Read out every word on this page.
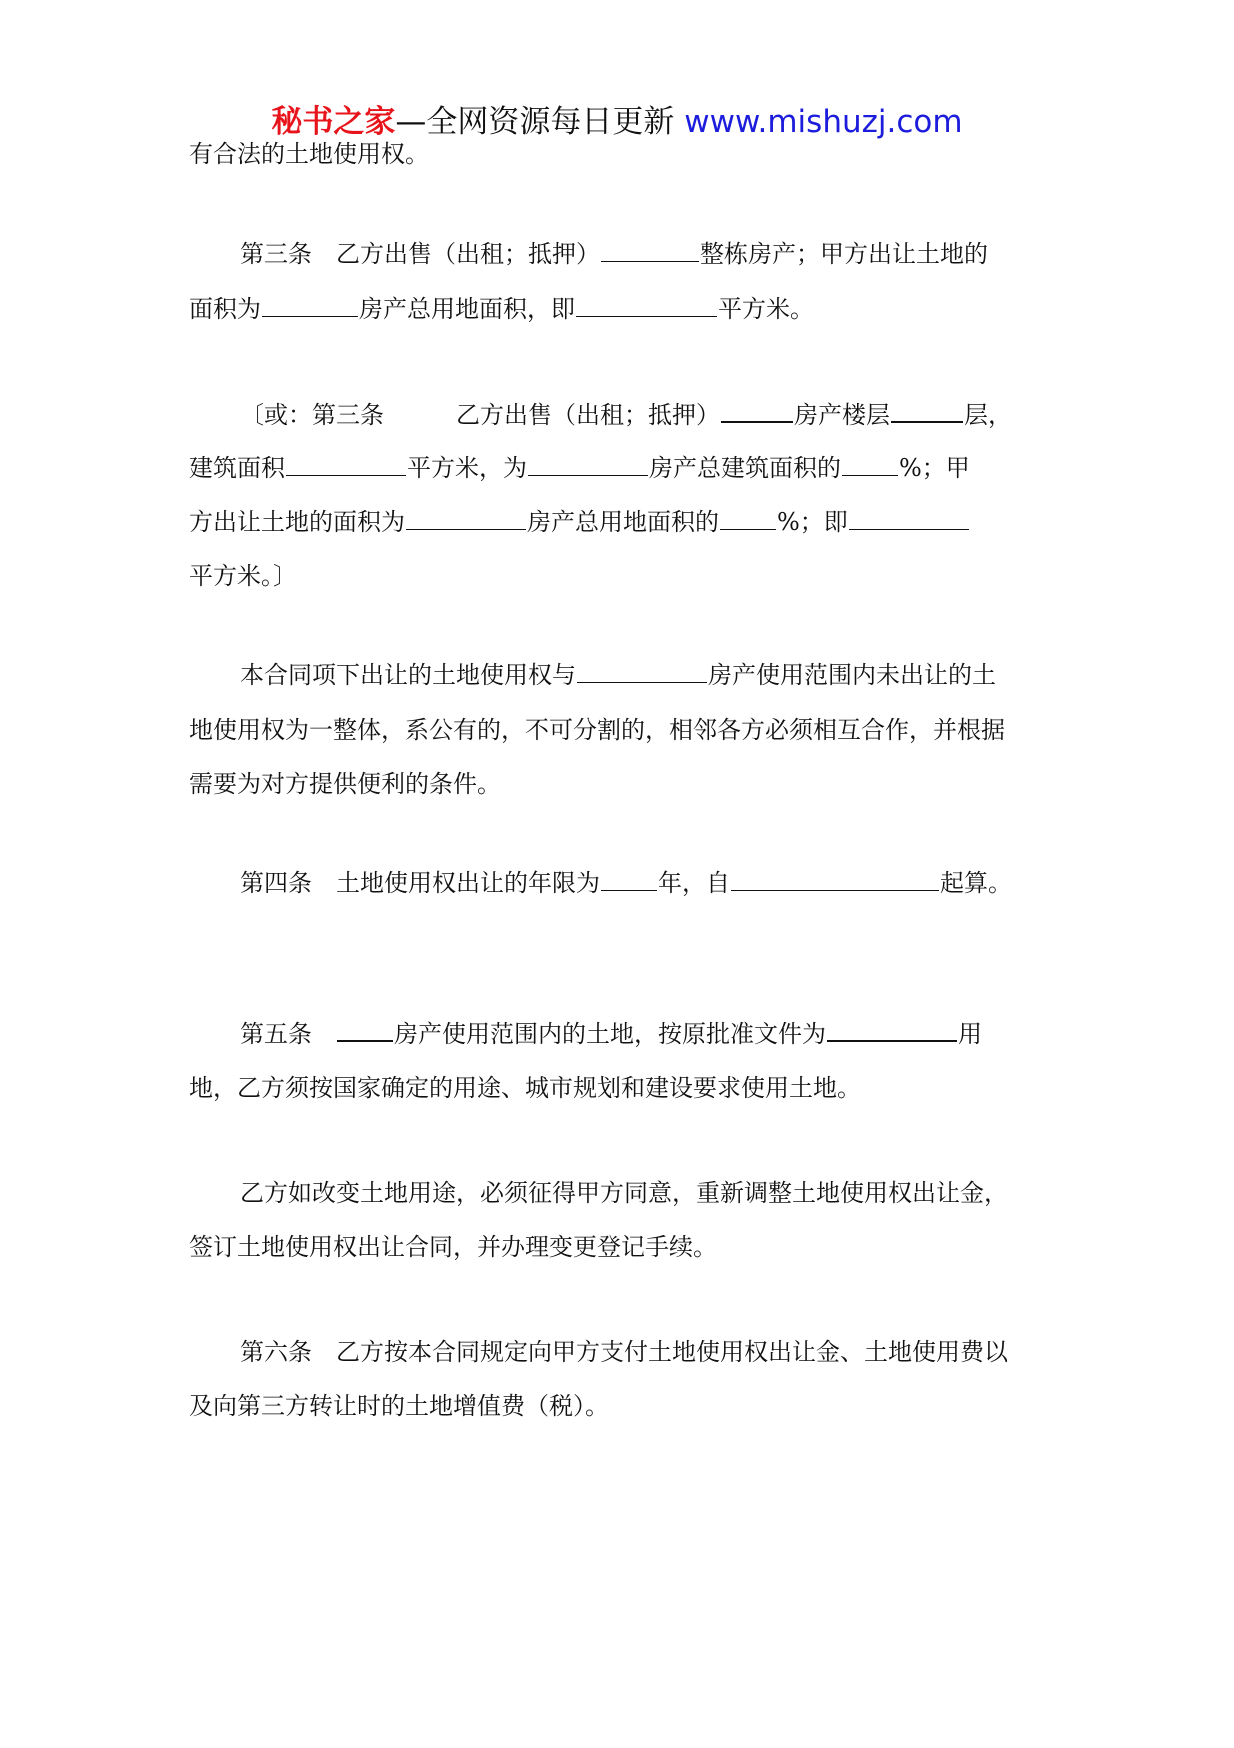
秘书之家—全网资源每日更新 www.mishuzj.com
有合法的土地使用权。
第三条　乙方出售（出租；抵押）	整栋房产；甲方出让土地的
面积为	房产总用地面积，即	平方米。
〔或：第三条　　　乙方出售（出租；抵押）	房产楼层	层，
建筑面积	平方米，为	房产总建筑面积的 %；甲
方出让土地的面积为	房产总用地面积的 %；即
平方米。〕
本合同项下出让的土地使用权与	房产使用范围内未出让的土
地使用权为一整体，系公有的，不可分割的，相邻各方必须相互合作，并根据
需要为对方提供便利的条件。
第四条　土地使用权出让的年限为 年，自	起算。
第五条　房产使用范围内的土地，按原批准文件为	用
地，乙方须按国家确定的用途、城市规划和建设要求使用土地。
乙方如改变土地用途，必须征得甲方同意，重新调整土地使用权出让金，
签订土地使用权出让合同，并办理变更登记手续。
第六条　乙方按本合同规定向甲方支付土地使用权出让金、土地使用费以
及向第三方转让时的土地增值费（税）。
